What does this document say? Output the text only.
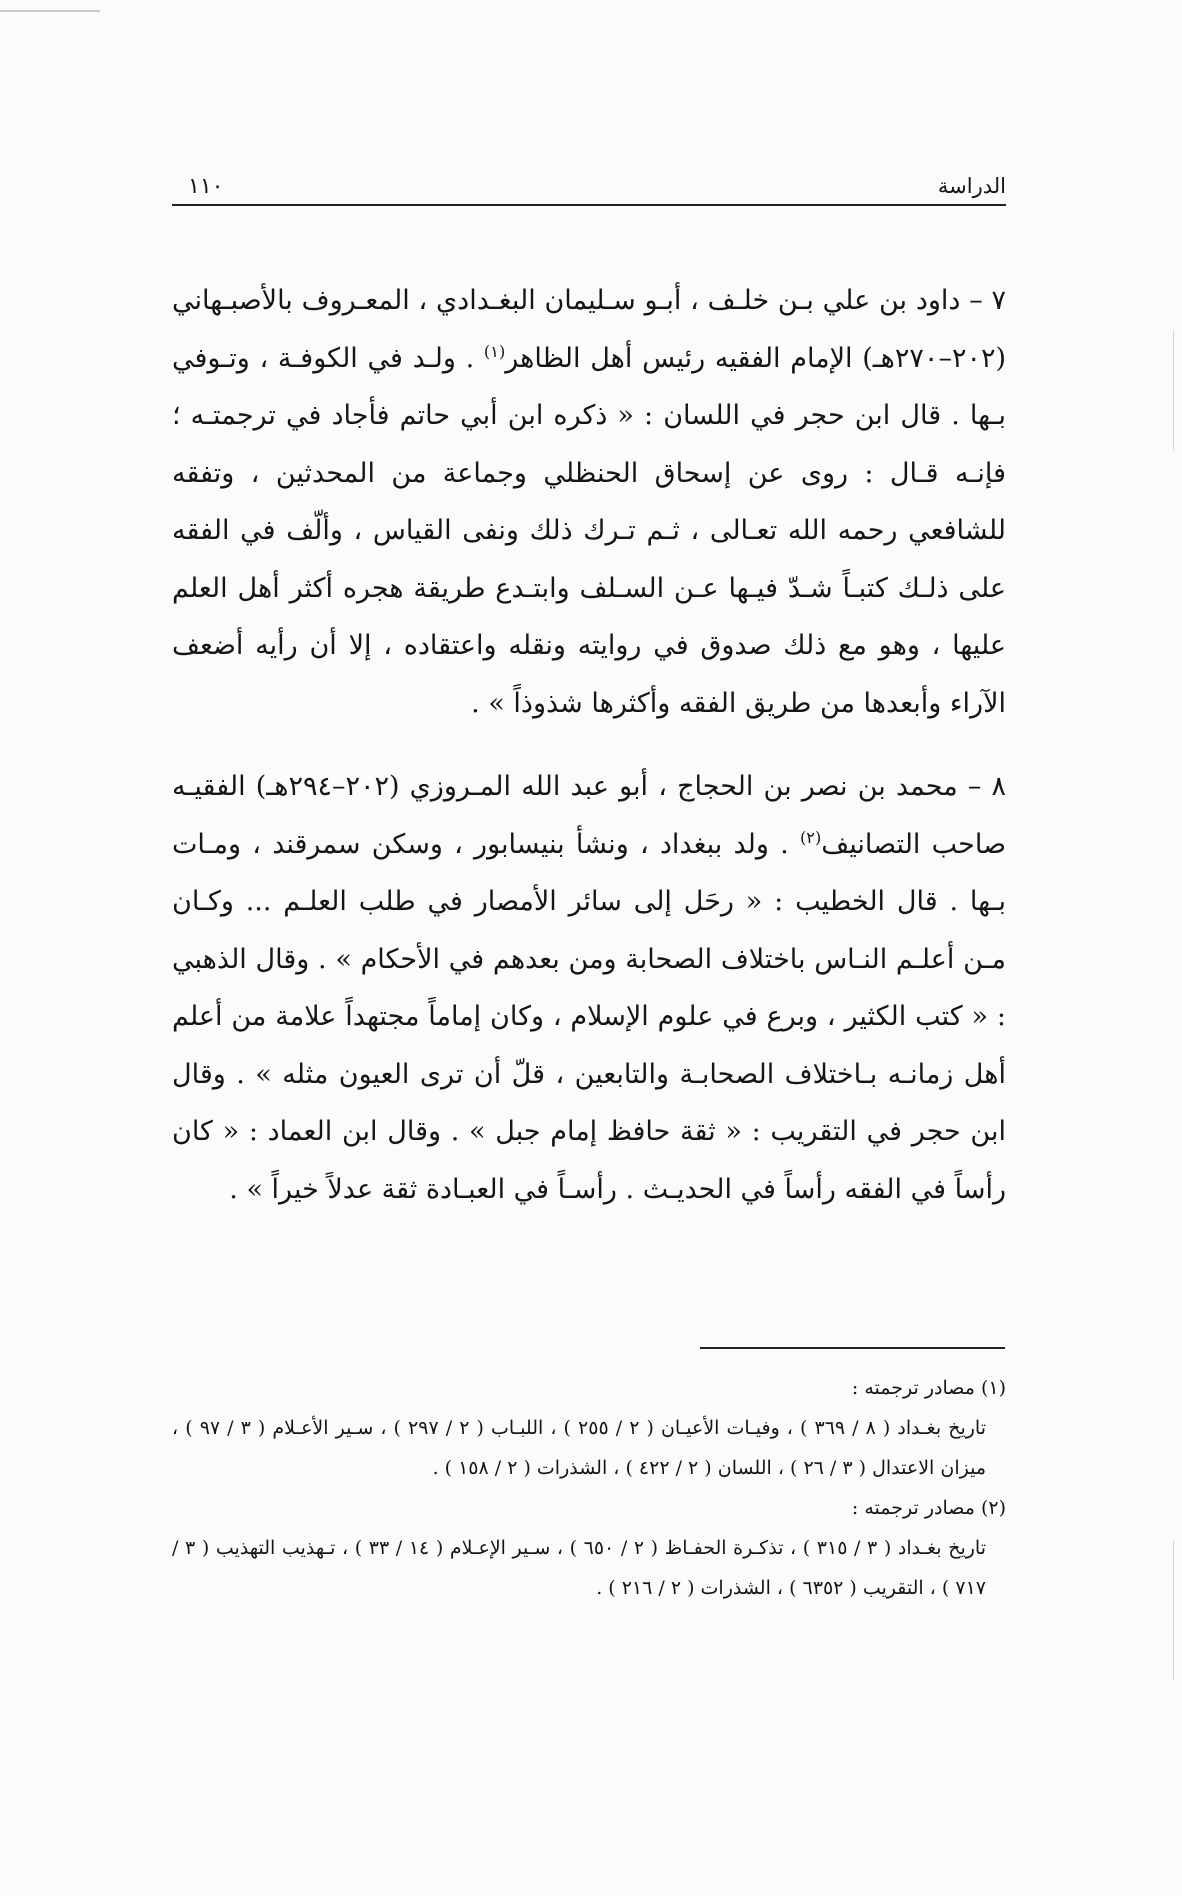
الدراسة
١١٠

٧ – داود بن علي بـن خلـف ، أبـو سـليمان البغـدادي ، المعـروف بالأصبـهاني (٢٠٢–٢٧٠هـ) الإمام الفقيه رئيس أهل الظاهر$^{(١)}$ . ولـد في الكوفـة ، وتـوفي بـها . قال ابن حجر في اللسان : « ذكره ابن أبي حاتم فأجاد في ترجمتـه ؛ فإنـه قـال : روى عن إسحاق الحنظلي وجماعة من المحدثين ، وتفقه للشافعي رحمه الله تعـالى ، ثـم تـرك ذلك ونفى القياس ، وألّف في الفقه على ذلـك كتبـاً شـدّ فيـها عـن السـلف وابتـدع طريقة هجره أكثر أهل العلم عليها ، وهو مع ذلك صدوق في روايته ونقله واعتقاده ، إلا أن رأيه أضعف الآراء وأبعدها من طريق الفقه وأكثرها شذوذاً » .

٨ – محمد بن نصر بن الحجاج ، أبو عبد الله المـروزي (٢٠٢–٢٩٤هـ) الفقيـه صاحب التصانيف$^{(٢)}$ . ولد ببغداد ، ونشأ بنيسابور ، وسكن سمرقند ، ومـات بـها . قال الخطيب : « رحَل إلى سائر الأمصار في طلب العلـم ... وكـان مـن أعلـم النـاس باختلاف الصحابة ومن بعدهم في الأحكام » . وقال الذهبي : « كتب الكثير ، وبرع في علوم الإسلام ، وكان إماماً مجتهداً علامة من أعلم أهل زمانـه بـاختلاف الصحابـة والتابعين ، قلّ أن ترى العيون مثله » . وقال ابن حجر في التقريب : « ثقة حافظ إمام جبل » . وقال ابن العماد : « كان رأساً في الفقه رأساً في الحديـث . رأسـاً في العبـادة ثقة عدلاً خيراً » .

(١) مصادر ترجمته :

تاريخ بغـداد ( ٨ / ٣٦٩ ) ، وفيـات الأعيـان ( ٢ / ٢٥٥ ) ، اللبـاب ( ٢ / ٢٩٧ ) ، سـير الأعـلام ( ٣ / ٩٧ ) ، ميزان الاعتدال ( ٣ / ٢٦ ) ، اللسان ( ٢ / ٤٢٢ ) ، الشذرات ( ٢ / ١٥٨ ) .

(٢) مصادر ترجمته :

تاريخ بغـداد ( ٣ / ٣١٥ ) ، تذكـرة الحفـاظ ( ٢ / ٦٥٠ ) ، سـير الإعـلام ( ١٤ / ٣٣ ) ، تـهذيب التهذيب ( ٣ / ٧١٧ ) ، التقريب ( ٦٣٥٢ ) ، الشذرات ( ٢ / ٢١٦ ) .
